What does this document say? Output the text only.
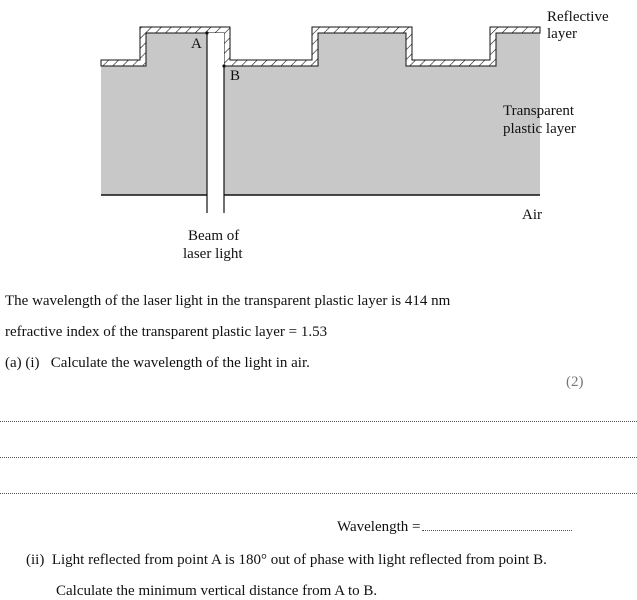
Reflective
layer
A
B
Transparent
plastic layer
Air
Beam of
laser light
The wavelength of the laser light in the transparent plastic layer is 414 nm
refractive index of the transparent plastic layer = 1.53
(a) (i)   Calculate the wavelength of the light in air.
(2)
Wavelength =
(ii)  Light reflected from point A is 180° out of phase with light reflected from point B.
Calculate the minimum vertical distance from A to B.
